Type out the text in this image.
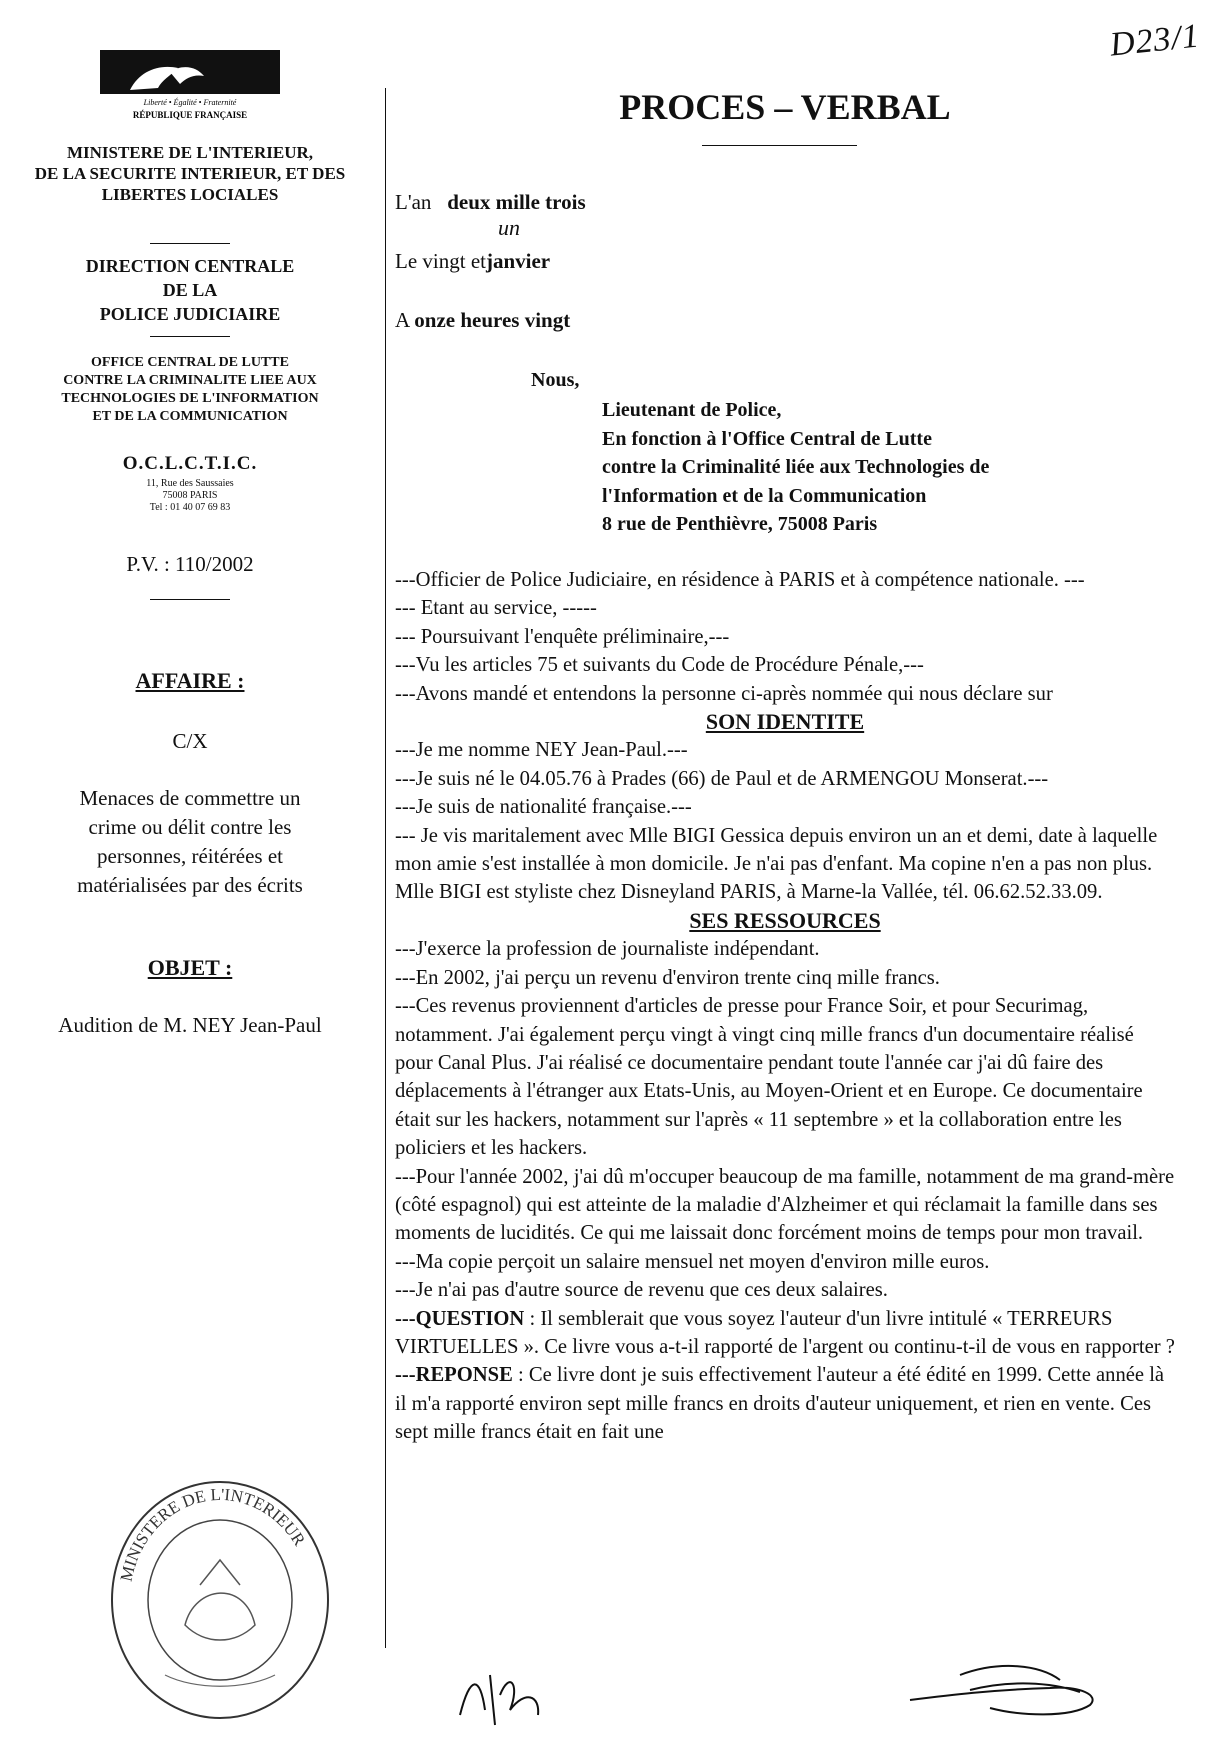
D23/1
Liberté • Égalité • Fraternité
RÉPUBLIQUE FRANÇAISE
MINISTERE DE L'INTERIEUR,
DE LA SECURITE INTERIEUR, ET DES
LIBERTES LOCIALES
DIRECTION CENTRALE
DE LA
POLICE JUDICIAIRE
OFFICE CENTRAL DE LUTTE
CONTRE LA CRIMINALITE LIEE AUX
TECHNOLOGIES DE L'INFORMATION
ET DE LA COMMUNICATION
O.C.L.C.T.I.C.
11, Rue des Saussaies
75008 PARIS
Tel : 01 40 07 69 83
P.V. : 110/2002
AFFAIRE :
C/X
Menaces de commettre un
crime ou délit contre les
personnes, réitérées et
matérialisées par des écrits
OBJET :
Audition de M. NEY Jean-Paul
MINISTERE DE L'INTERIEUR
PROCES – VERBAL
L'an deux mille trois
un
Le vingt etjanvier
A onze heures vingt
Nous,
Lieutenant de Police,
En fonction à l'Office Central de Lutte
contre la Criminalité liée aux Technologies de
l'Information et de la Communication
8 rue de Penthièvre, 75008 Paris

---Officier de Police Judiciaire, en résidence à PARIS et à compétence nationale. ---

--- Etant au service, -----

--- Poursuivant l'enquête préliminaire,---

---Vu les articles 75 et suivants du Code de Procédure Pénale,---

---Avons mandé et entendons la personne ci-après nommée qui nous déclare sur

SON IDENTITE

---Je me nomme NEY Jean-Paul.---

---Je suis né le 04.05.76 à Prades (66) de Paul et de ARMENGOU Monserat.---

---Je suis de nationalité française.---

--- Je vis maritalement avec Mlle BIGI Gessica depuis environ un an et demi, date à laquelle mon amie s'est installée à mon domicile. Je n'ai pas d'enfant. Ma copine n'en a pas non plus. Mlle BIGI est styliste chez Disneyland PARIS, à Marne-la Vallée, tél. 06.62.52.33.09.

SES RESSOURCES

---J'exerce la profession de journaliste indépendant.

---En 2002, j'ai perçu un revenu d'environ trente cinq mille francs.

---Ces revenus proviennent d'articles de presse pour France Soir, et pour Securimag, notamment. J'ai également perçu vingt à vingt cinq mille francs d'un documentaire réalisé pour Canal Plus. J'ai réalisé ce documentaire pendant toute l'année car j'ai dû faire des déplacements à l'étranger aux Etats-Unis, au Moyen-Orient et en Europe. Ce documentaire était sur les hackers, notamment sur l'après « 11 septembre » et la collaboration entre les policiers et les hackers.

---Pour l'année 2002, j'ai dû m'occuper beaucoup de ma famille, notamment de ma grand-mère (côté espagnol) qui est atteinte de la maladie d'Alzheimer et qui réclamait la famille dans ses moments de lucidités. Ce qui me laissait donc forcément moins de temps pour mon travail.

---Ma copie perçoit un salaire mensuel net moyen d'environ mille euros.

---Je n'ai pas d'autre source de revenu que ces deux salaires.

---QUESTION : Il semblerait que vous soyez l'auteur d'un livre intitulé « TERREURS VIRTUELLES ». Ce livre vous a-t-il rapporté de l'argent ou continu-t-il de vous en rapporter ?

---REPONSE : Ce livre dont je suis effectivement l'auteur a été édité en 1999. Cette année là il m'a rapporté environ sept mille francs en droits d'auteur uniquement, et rien en vente. Ces sept mille francs était en fait une
